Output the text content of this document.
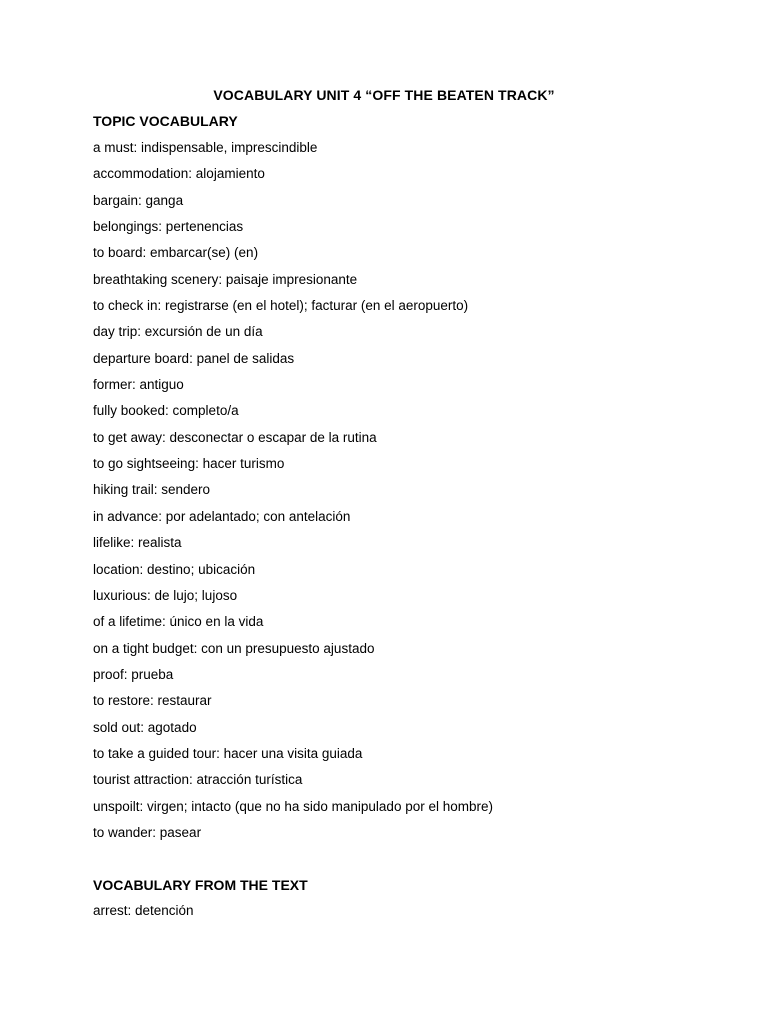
VOCABULARY UNIT 4 “OFF THE BEATEN TRACK”
TOPIC VOCABULARY
a must: indispensable, imprescindible
accommodation: alojamiento
bargain: ganga
belongings: pertenencias
to board: embarcar(se) (en)
breathtaking scenery: paisaje impresionante
to check in: registrarse (en el hotel); facturar (en el aeropuerto)
day trip: excursión de un día
departure board: panel de salidas
former: antiguo
fully booked: completo/a
to get away: desconectar o escapar de la rutina
to go sightseeing: hacer turismo
hiking trail: sendero
in advance: por adelantado; con antelación
lifelike: realista
location: destino; ubicación
luxurious: de lujo; lujoso
of a lifetime: único en la vida
on a tight budget: con un presupuesto ajustado
proof: prueba
to restore: restaurar
sold out: agotado
to take a guided tour: hacer una visita guiada
tourist attraction: atracción turística
unspoilt: virgen; intacto (que no ha sido manipulado por el hombre)
to wander: pasear
VOCABULARY FROM THE TEXT
arrest: detención
